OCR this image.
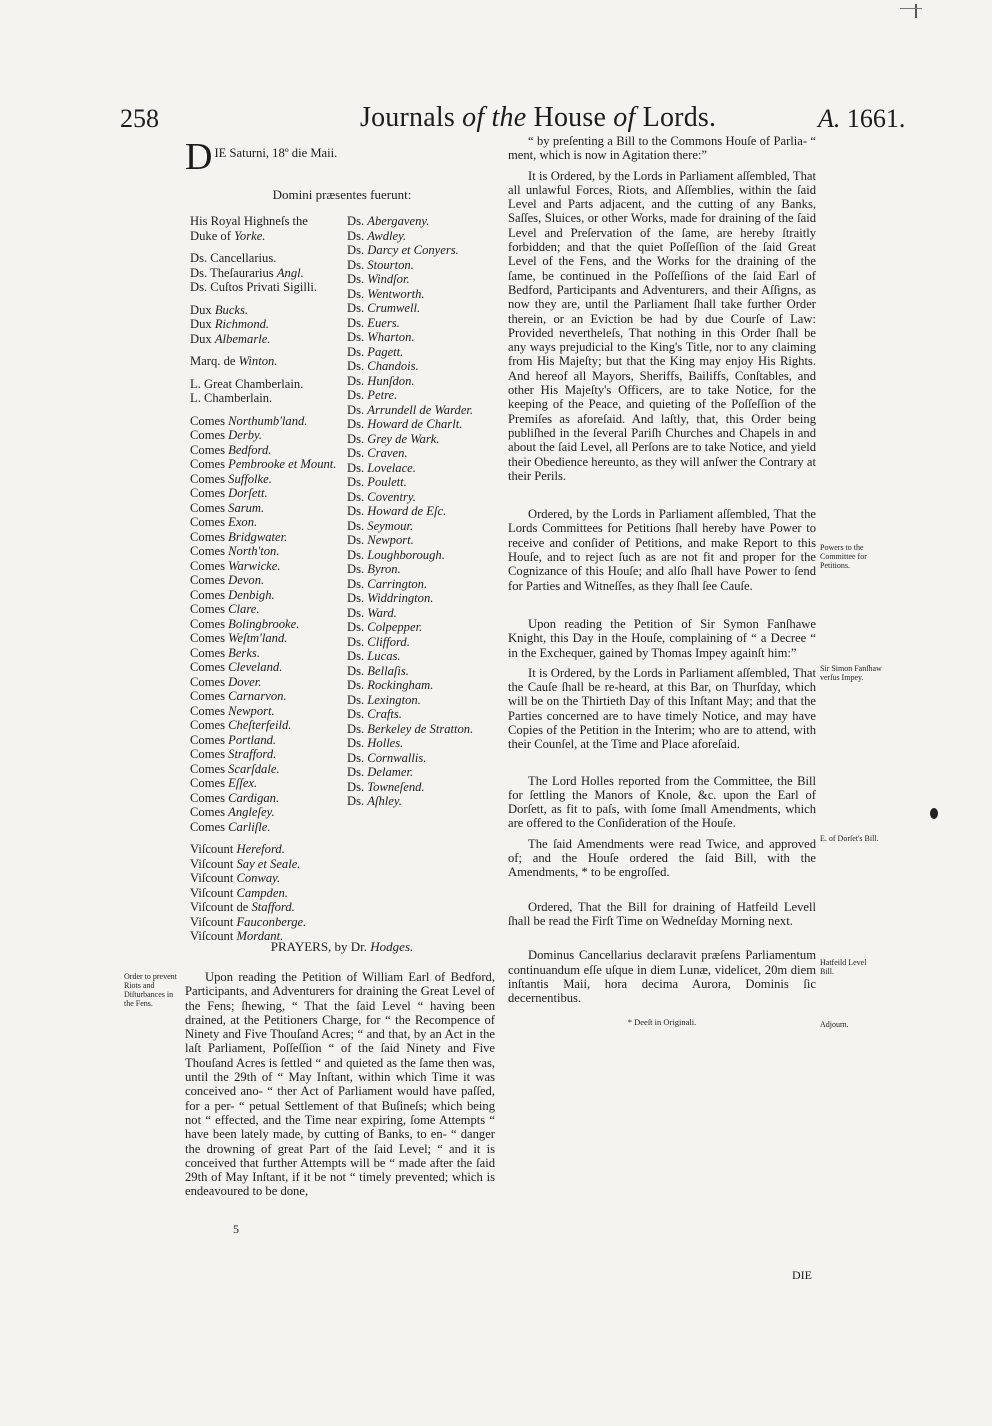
258	Journals of the House of Lords.	A. 1661.
D IE Saturni, 18º die Maii.
Domini præsentes fuerunt:
His Royal Highneſs the
Duke of Yorke.
Ds. Cancellarius.
Ds. Theſaurarius Angl.
Ds. Cuſtos Privati Sigilli.
Dux Bucks.
Dux Richmond.
Dux Albemarle.
Marq. de Winton.
L. Great Chamberlain.
L. Chamberlain.
Comes Northumb'land.
Comes Derby.
Comes Bedford.
Comes Pembrooke et Mount.
Comes Suffolke.
Comes Dorſett.
Comes Sarum.
Comes Exon.
Comes Bridgwater.
Comes North'ton.
Comes Warwicke.
Comes Devon.
Comes Denbigh.
Comes Clare.
Comes Bolingbrooke.
Comes Weſtm'land.
Comes Berks.
Comes Cleveland.
Comes Dover.
Comes Carnarvon.
Comes Newport.
Comes Cheſterfeild.
Comes Portland.
Comes Strafford.
Comes Scarſdale.
Comes Eſſex.
Comes Cardigan.
Comes Angleſey.
Comes Carliſle.
Viſcount Hereford.
Viſcount Say et Seale.
Viſcount Conway.
Viſcount Campden.
Viſcount de Stafford.
Viſcount Fauconberge.
Viſcount Mordant.
Ds. Abergaveny.
Ds. Awdley.
Ds. Darcy et Conyers.
Ds. Stourton.
Ds. Windſor.
Ds. Wentworth.
Ds. Crumwell.
Ds. Euers.
Ds. Wharton.
Ds. Pagett.
Ds. Chandois.
Ds. Hunſdon.
Ds. Petre.
Ds. Arrundell de Warder.
Ds. Howard de Charlt.
Ds. Grey de Wark.
Ds. Craven.
Ds. Lovelace.
Ds. Poulett.
Ds. Coventry.
Ds. Howard de Eſc.
Ds. Seymour.
Ds. Newport.
Ds. Loughborough.
Ds. Byron.
Ds. Carrington.
Ds. Widdrington.
Ds. Ward.
Ds. Colpepper.
Ds. Clifford.
Ds. Lucas.
Ds. Bellaſis.
Ds. Rockingham.
Ds. Lexington.
Ds. Crafts.
Ds. Berkeley de Stratton.
Ds. Holles.
Ds. Cornwallis.
Ds. Delamer.
Ds. Towneſend.
Ds. Aſhley.
PRAYERS, by Dr. Hodges.
Order to prevent Riots and Diſturbances in the Fens.
Upon reading the Petition of William Earl of Bedford, Participants, and Adventurers for draining the Great Level of the Fens; ſhewing, “ That the ſaid Level “ having been drained, at the Petitioners Charge, for “ the Recompence of Ninety and Five Thouſand Acres; “ and that, by an Act in the laſt Parliament, Poſſeſſion “ of the ſaid Ninety and Five Thouſand Acres is ſettled “ and quieted as the ſame then was, until the 29th of “ May Inſtant, within which Time it was conceived ano- “ ther Act of Parliament would have paſſed, for a per- “ petual Settlement of that Buſineſs; which being not “ effected, and the Time near expiring, ſome Attempts “ have been lately made, by cutting of Banks, to en- “ danger the drowning of great Part of the ſaid Level; “ and it is conceived that further Attempts will be “ made after the ſaid 29th of May Inſtant, if it be not “ timely prevented; which is endeavoured to be done,
5

“ by preſenting a Bill to the Commons Houſe of Parlia- “ ment, which is now in Agitation there:”

It is Ordered, by the Lords in Parliament aſſembled, That all unlawful Forces, Riots, and Aſſemblies, within the ſaid Level and Parts adjacent, and the cutting of any Banks, Saſſes, Sluices, or other Works, made for draining of the ſaid Level and Preſervation of the ſame, are hereby ſtraitly forbidden; and that the quiet Poſſeſſion of the ſaid Great Level of the Fens, and the Works for the draining of the ſame, be continued in the Poſſeſſions of the ſaid Earl of Bedford, Participants and Adventurers, and their Aſſigns, as now they are, until the Parliament ſhall take further Order therein, or an Eviction be had by due Courſe of Law: Provided nevertheleſs, That nothing in this Order ſhall be any ways prejudicial to the King's Title, nor to any claiming from His Majeſty; but that the King may enjoy His Rights. And hereof all Mayors, Sheriffs, Bailiffs, Conſtables, and other His Majeſty's Officers, are to take Notice, for the keeping of the Peace, and quieting of the Poſſeſſion of the Premiſes as aforeſaid. And laſtly, that, this Order being publiſhed in the ſeveral Pariſh Churches and Chapels in and about the ſaid Level, all Perſons are to take Notice, and yield their Obedience hereunto, as they will anſwer the Contrary at their Perils.

Ordered, by the Lords in Parliament aſſembled, That the Lords Committees for Petitions ſhall hereby have Power to receive and conſider of Petitions, and make Report to this Houſe, and to reject ſuch as are not fit and proper for the Cognizance of this Houſe; and alſo ſhall have Power to ſend for Parties and Witneſſes, as they ſhall ſee Cauſe.

Upon reading the Petition of Sir Symon Fanſhawe Knight, this Day in the Houſe, complaining of “ a Decree “ in the Exchequer, gained by Thomas Impey againſt him:”

It is Ordered, by the Lords in Parliament aſſembled, That the Cauſe ſhall be re-heard, at this Bar, on Thurſday, which will be on the Thirtieth Day of this Inſtant May; and that the Parties concerned are to have timely Notice, and may have Copies of the Petition in the Interim; who are to attend, with their Counſel, at the Time and Place aforeſaid.

The Lord Holles reported from the Committee, the Bill for ſettling the Manors of Knole, &c. upon the Earl of Dorſett, as fit to paſs, with ſome ſmall Amendments, which are offered to the Conſideration of the Houſe.

The ſaid Amendments were read Twice, and approved of; and the Houſe ordered the ſaid Bill, with the Amendments, * to be engroſſed.

Ordered, That the Bill for draining of Hatfeild Levell ſhall be read the Firſt Time on Wedneſday Morning next.

Dominus Cancellarius declaravit præſens Parliamentum continuandum eſſe uſque in diem Lunæ, videlicet, 20m diem inſtantis Maii, hora decima Aurora, Dominis ſic decernentibus.

* Deeſt in Originali.
Powers to the Committee for Petitions.
Sir Simon Fanſhaw verſus Impey.
E. of Dorſet's Bill.
Hatfeild Level Bill.
Adjourn.
DIE
